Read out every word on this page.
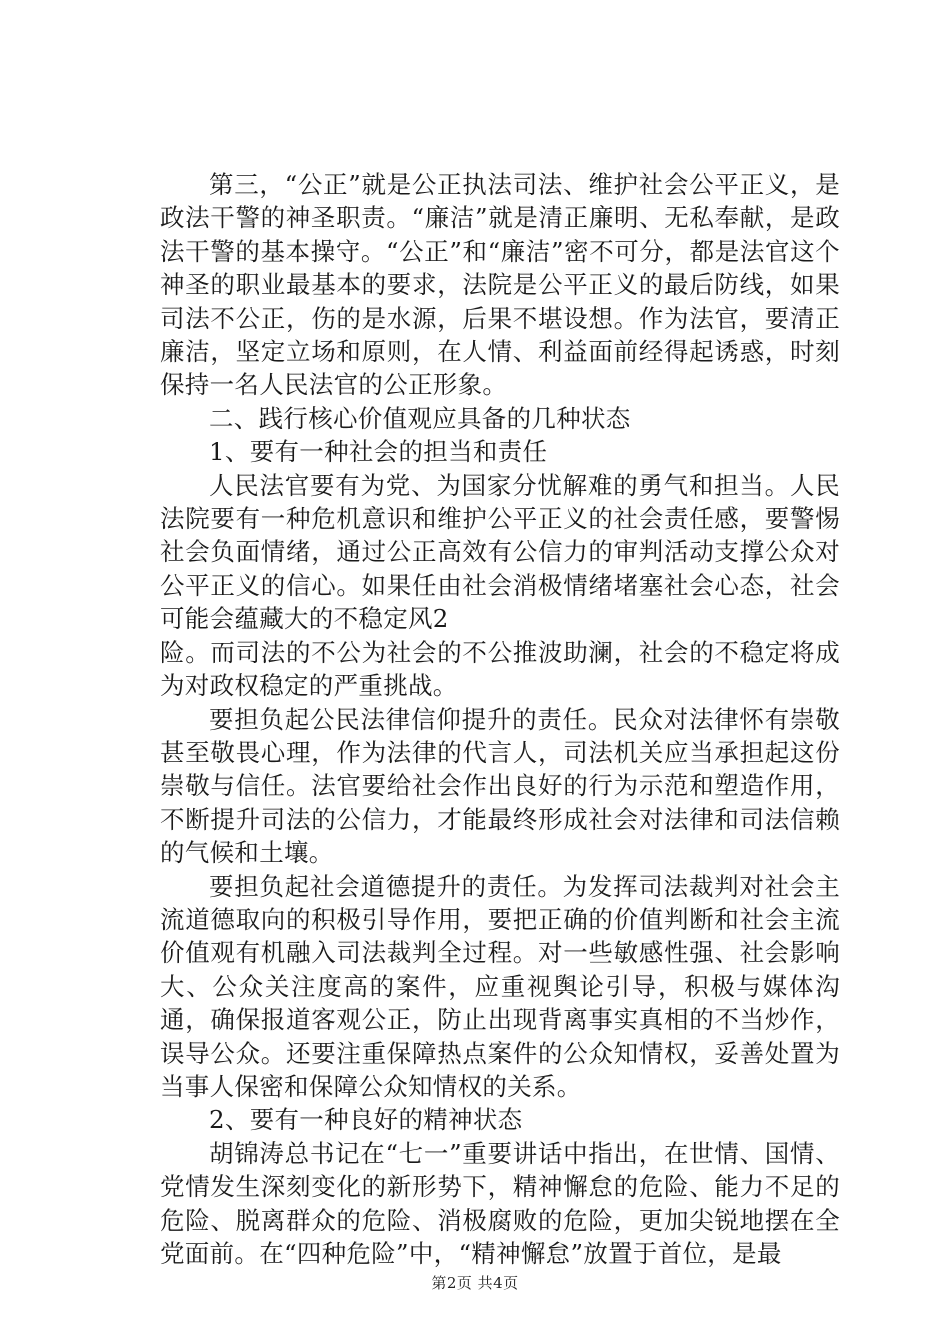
第三，“公正”就是公正执法司法、维护社会公平正义，是政法干警的神圣职责。“廉洁”就是清正廉明、无私奉献，是政法干警的基本操守。“公正”和“廉洁”密不可分，都是法官这个神圣的职业最基本的要求，法院是公平正义的最后防线，如果司法不公正，伤的是水源，后果不堪设想。作为法官，要清正廉洁，坚定立场和原则，在人情、利益面前经得起诱惑，时刻保持一名人民法官的公正形象。

二、践行核心价值观应具备的几种状态

1、要有一种社会的担当和责任

人民法官要有为党、为国家分忧解难的勇气和担当。人民法院要有一种危机意识和维护公平正义的社会责任感，要警惕社会负面情绪，通过公正高效有公信力的审判活动支撑公众对公平正义的信心。如果任由社会消极情绪堵塞社会心态，社会可能会蕴藏大的不稳定风2

险。而司法的不公为社会的不公推波助澜，社会的不稳定将成为对政权稳定的严重挑战。

要担负起公民法律信仰提升的责任。民众对法律怀有崇敬甚至敬畏心理，作为法律的代言人，司法机关应当承担起这份崇敬与信任。法官要给社会作出良好的行为示范和塑造作用，不断提升司法的公信力，才能最终形成社会对法律和司法信赖的气候和土壤。

要担负起社会道德提升的责任。为发挥司法裁判对社会主流道德取向的积极引导作用，要把正确的价值判断和社会主流价值观有机融入司法裁判全过程。对一些敏感性强、社会影响大、公众关注度高的案件，应重视舆论引导，积极与媒体沟通，确保报道客观公正，防止出现背离事实真相的不当炒作，误导公众。还要注重保障热点案件的公众知情权，妥善处置为当事人保密和保障公众知情权的关系。

2、要有一种良好的精神状态

胡锦涛总书记在“七一”重要讲话中指出，在世情、国情、党情发生深刻变化的新形势下，精神懈怠的危险、能力不足的危险、脱离群众的危险、消极腐败的危险，更加尖锐地摆在全党面前。在“四种危险”中，“精神懈怠”放置于首位，是最

第2页 共4页
